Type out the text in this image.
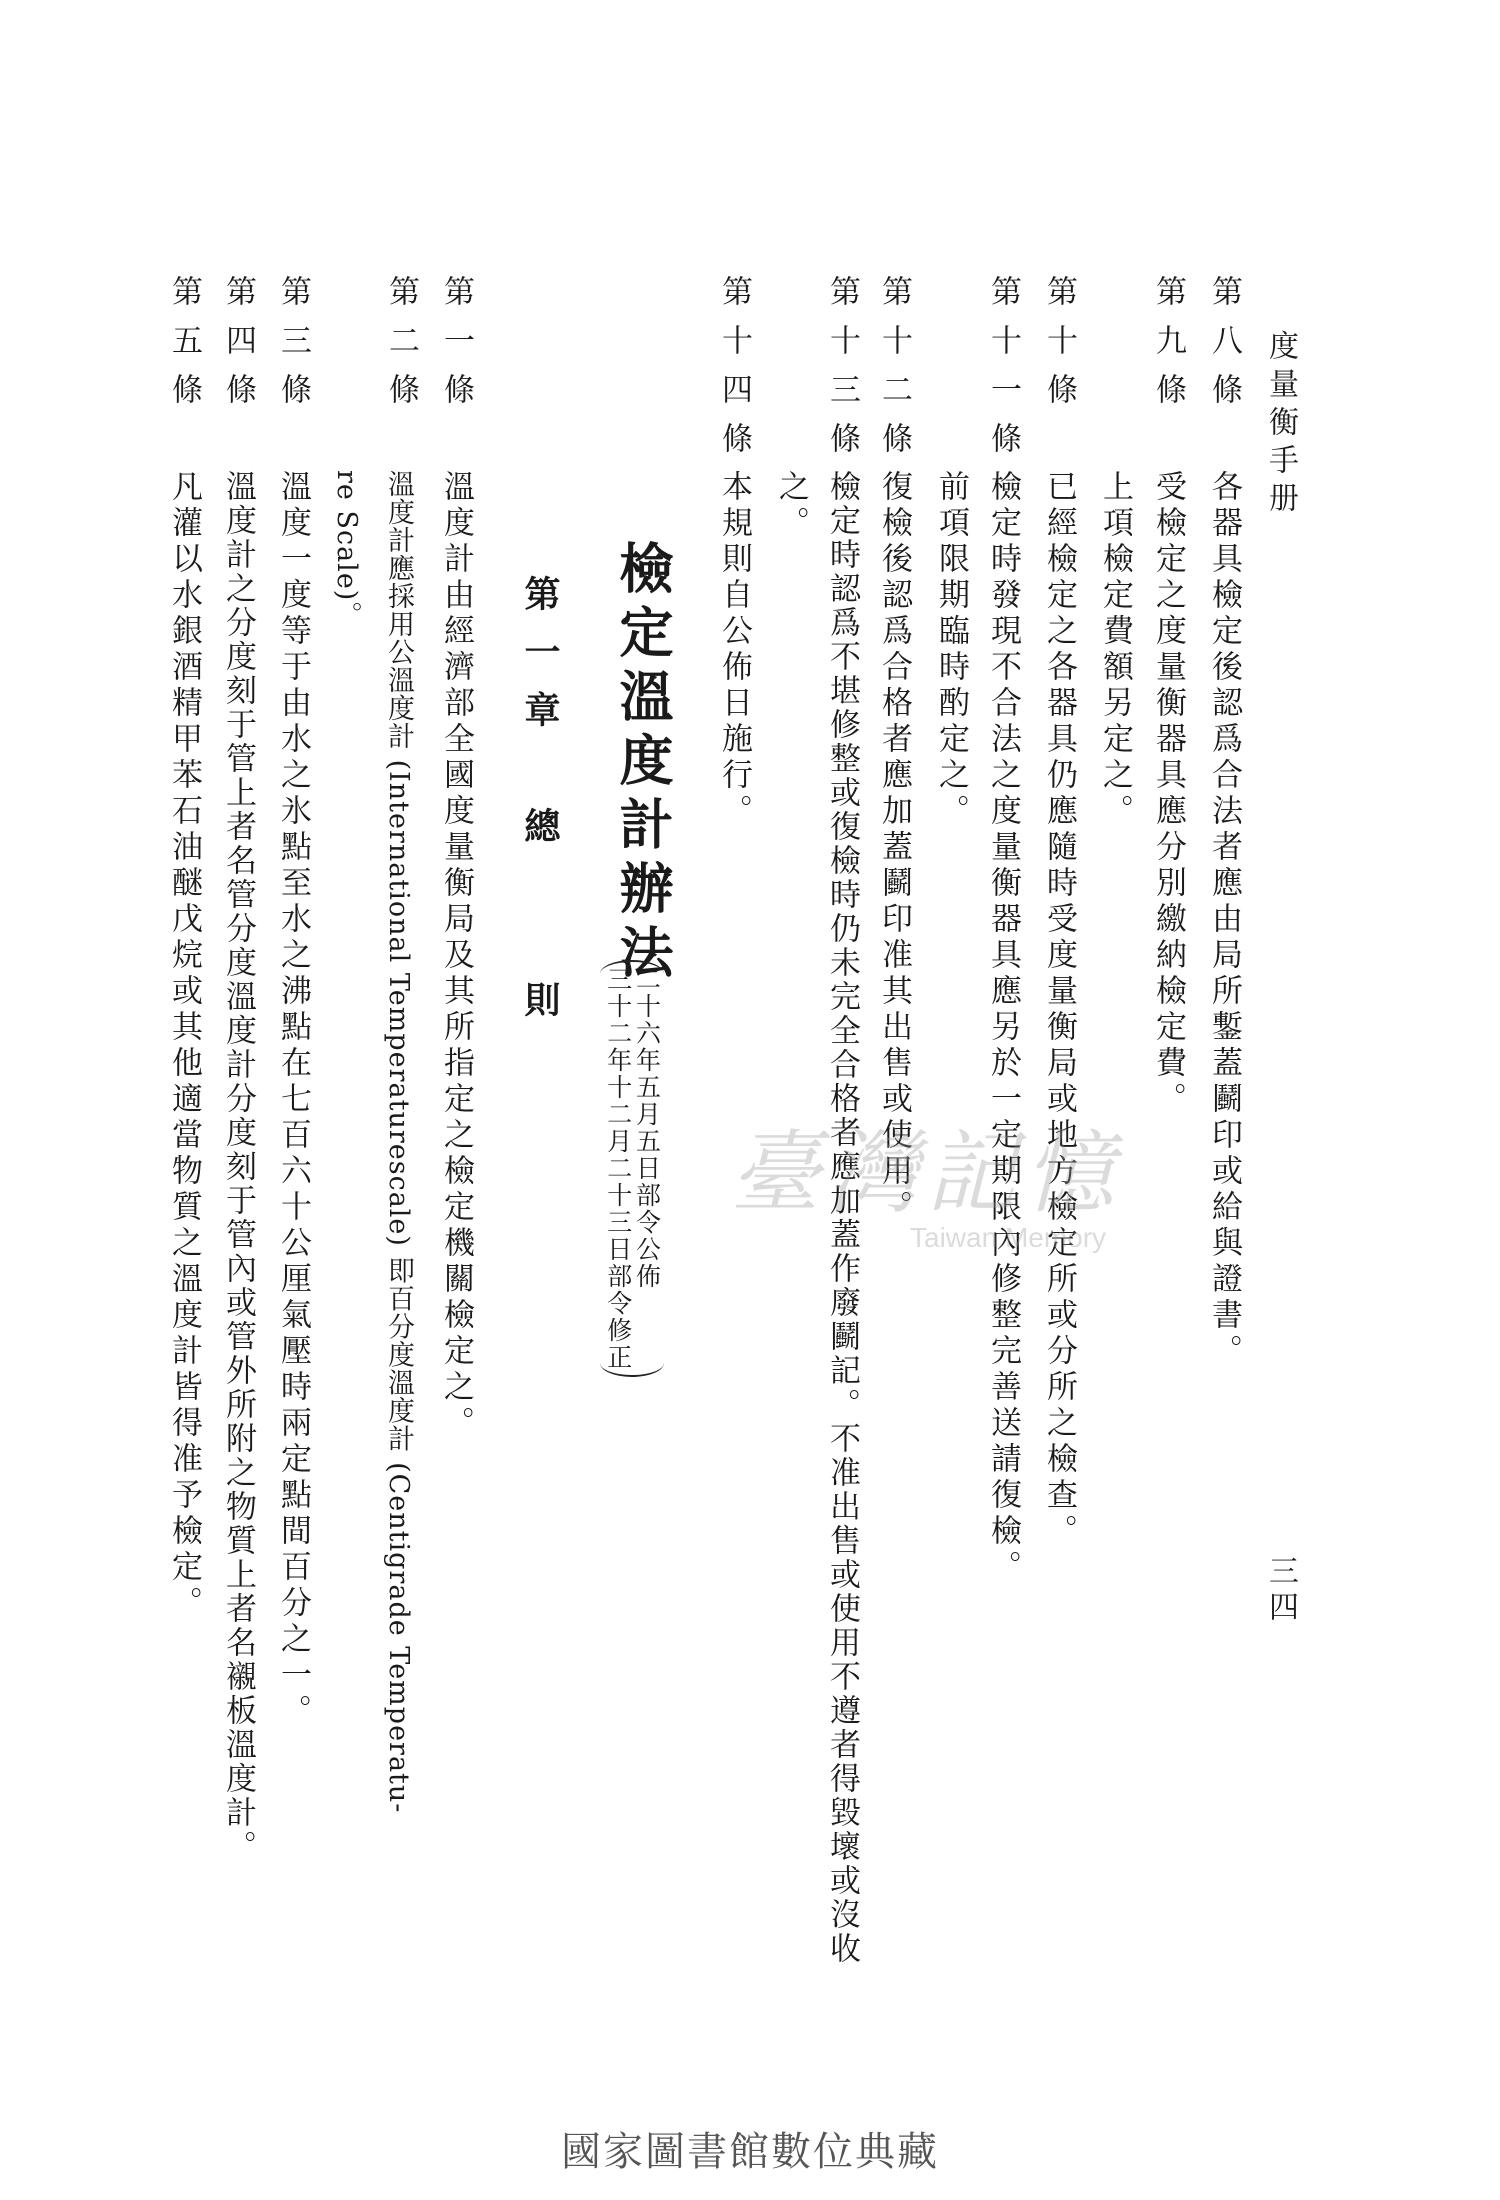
度量衡手册
三四
第八條
各器具檢定後認爲合法者應由局所鏨蓋鬬印或給與證書。
第九條
受檢定之度量衡器具應分別繳納檢定費。
上項檢定費額另定之。
第十條
已經檢定之各器具仍應隨時受度量衡局或地方檢定所或分所之檢查。
第十一條
檢定時發現不合法之度量衡器具應另於一定期限內修整完善送請復檢。
前項限期臨時酌定之。
第十二條
復檢後認爲合格者應加蓋鬬印准其出售或使用。
第十三條
檢定時認爲不堪修整或復檢時仍未完全合格者應加蓋作廢鬬記。不准出售或使用不遵者得毀壞或沒收
之。
第十四條
本規則自公佈日施行。
檢定溫度計辦法
二十六年五月五日部令公佈
三十二年十二月二十三日部令修正
第一章　總　　則
第一條
溫度計由經濟部全國度量衡局及其所指定之檢定機關檢定之。
第二條
溫度計應採用公溫度計 (International Temperaturescale) 即百分度溫度計 (Centigrade Temperatu-
re Scale)。
第三條
溫度一度等于由水之氷點至水之沸點在七百六十公厘氣壓時兩定點間百分之一。
第四條
溫度計之分度刻于管上者名管分度溫度計分度刻于管內或管外所附之物質上者名襯板溫度計。
第五條
凡灌以水銀酒精甲苯石油醚戊烷或其他適當物質之溫度計皆得准予檢定。	臺灣記憶
Taiwan Memory
國家圖書館數位典藏
